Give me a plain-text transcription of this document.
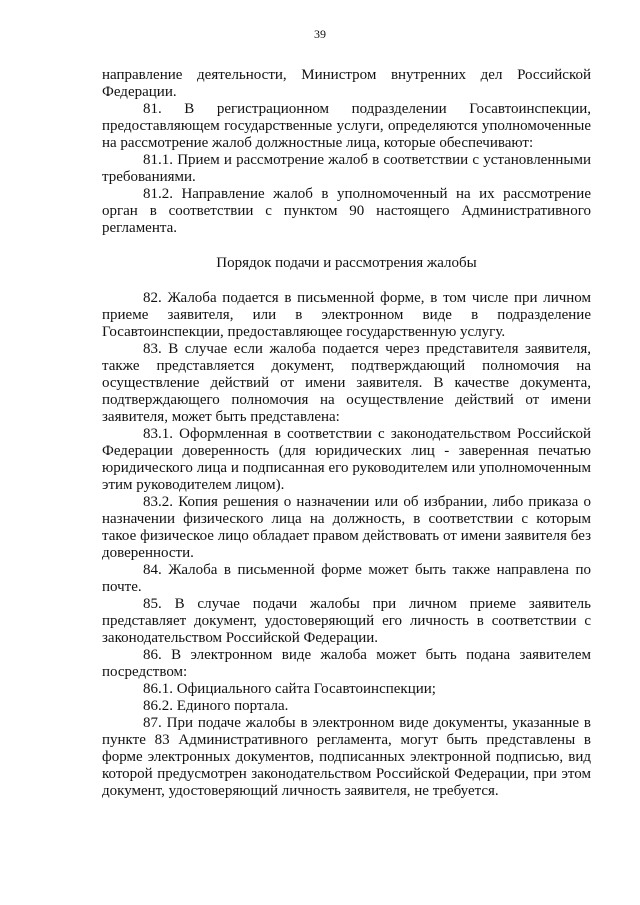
39

направление деятельности, Министром внутренних дел Российской Федерации.

81. В регистрационном подразделении Госавтоинспекции, предоставляющем государственные услуги, определяются уполномоченные на рассмотрение жалоб должностные лица, которые обеспечивают:

81.1. Прием и рассмотрение жалоб в соответствии с установленными требованиями.

81.2. Направление жалоб в уполномоченный на их рассмотрение орган в соответствии с пунктом 90 настоящего Административного регламента.

Порядок подачи и рассмотрения жалобы

82. Жалоба подается в письменной форме, в том числе при личном приеме заявителя, или в электронном виде в подразделение Госавтоинспекции, предоставляющее государственную услугу.

83. В случае если жалоба подается через представителя заявителя, также представляется документ, подтверждающий полномочия на осуществление действий от имени заявителя. В качестве документа, подтверждающего полномочия на осуществление действий от имени заявителя, может быть представлена:

83.1. Оформленная в соответствии с законодательством Российской Федерации доверенность (для юридических лиц - заверенная печатью юридического лица и подписанная его руководителем или уполномоченным этим руководителем лицом).

83.2. Копия решения о назначении или об избрании, либо приказа о назначении физического лица на должность, в соответствии с которым такое физическое лицо обладает правом действовать от имени заявителя без доверенности.

84. Жалоба в письменной форме может быть также направлена по почте.

85. В случае подачи жалобы при личном приеме заявитель представляет документ, удостоверяющий его личность в соответствии с законодательством Российской Федерации.

86. В электронном виде жалоба может быть подана заявителем посредством:

86.1. Официального сайта Госавтоинспекции;

86.2. Единого портала.

87. При подаче жалобы в электронном виде документы, указанные в пункте 83 Административного регламента, могут быть представлены в форме электронных документов, подписанных электронной подписью, вид которой предусмотрен законодательством Российской Федерации, при этом документ, удостоверяющий личность заявителя, не требуется.
